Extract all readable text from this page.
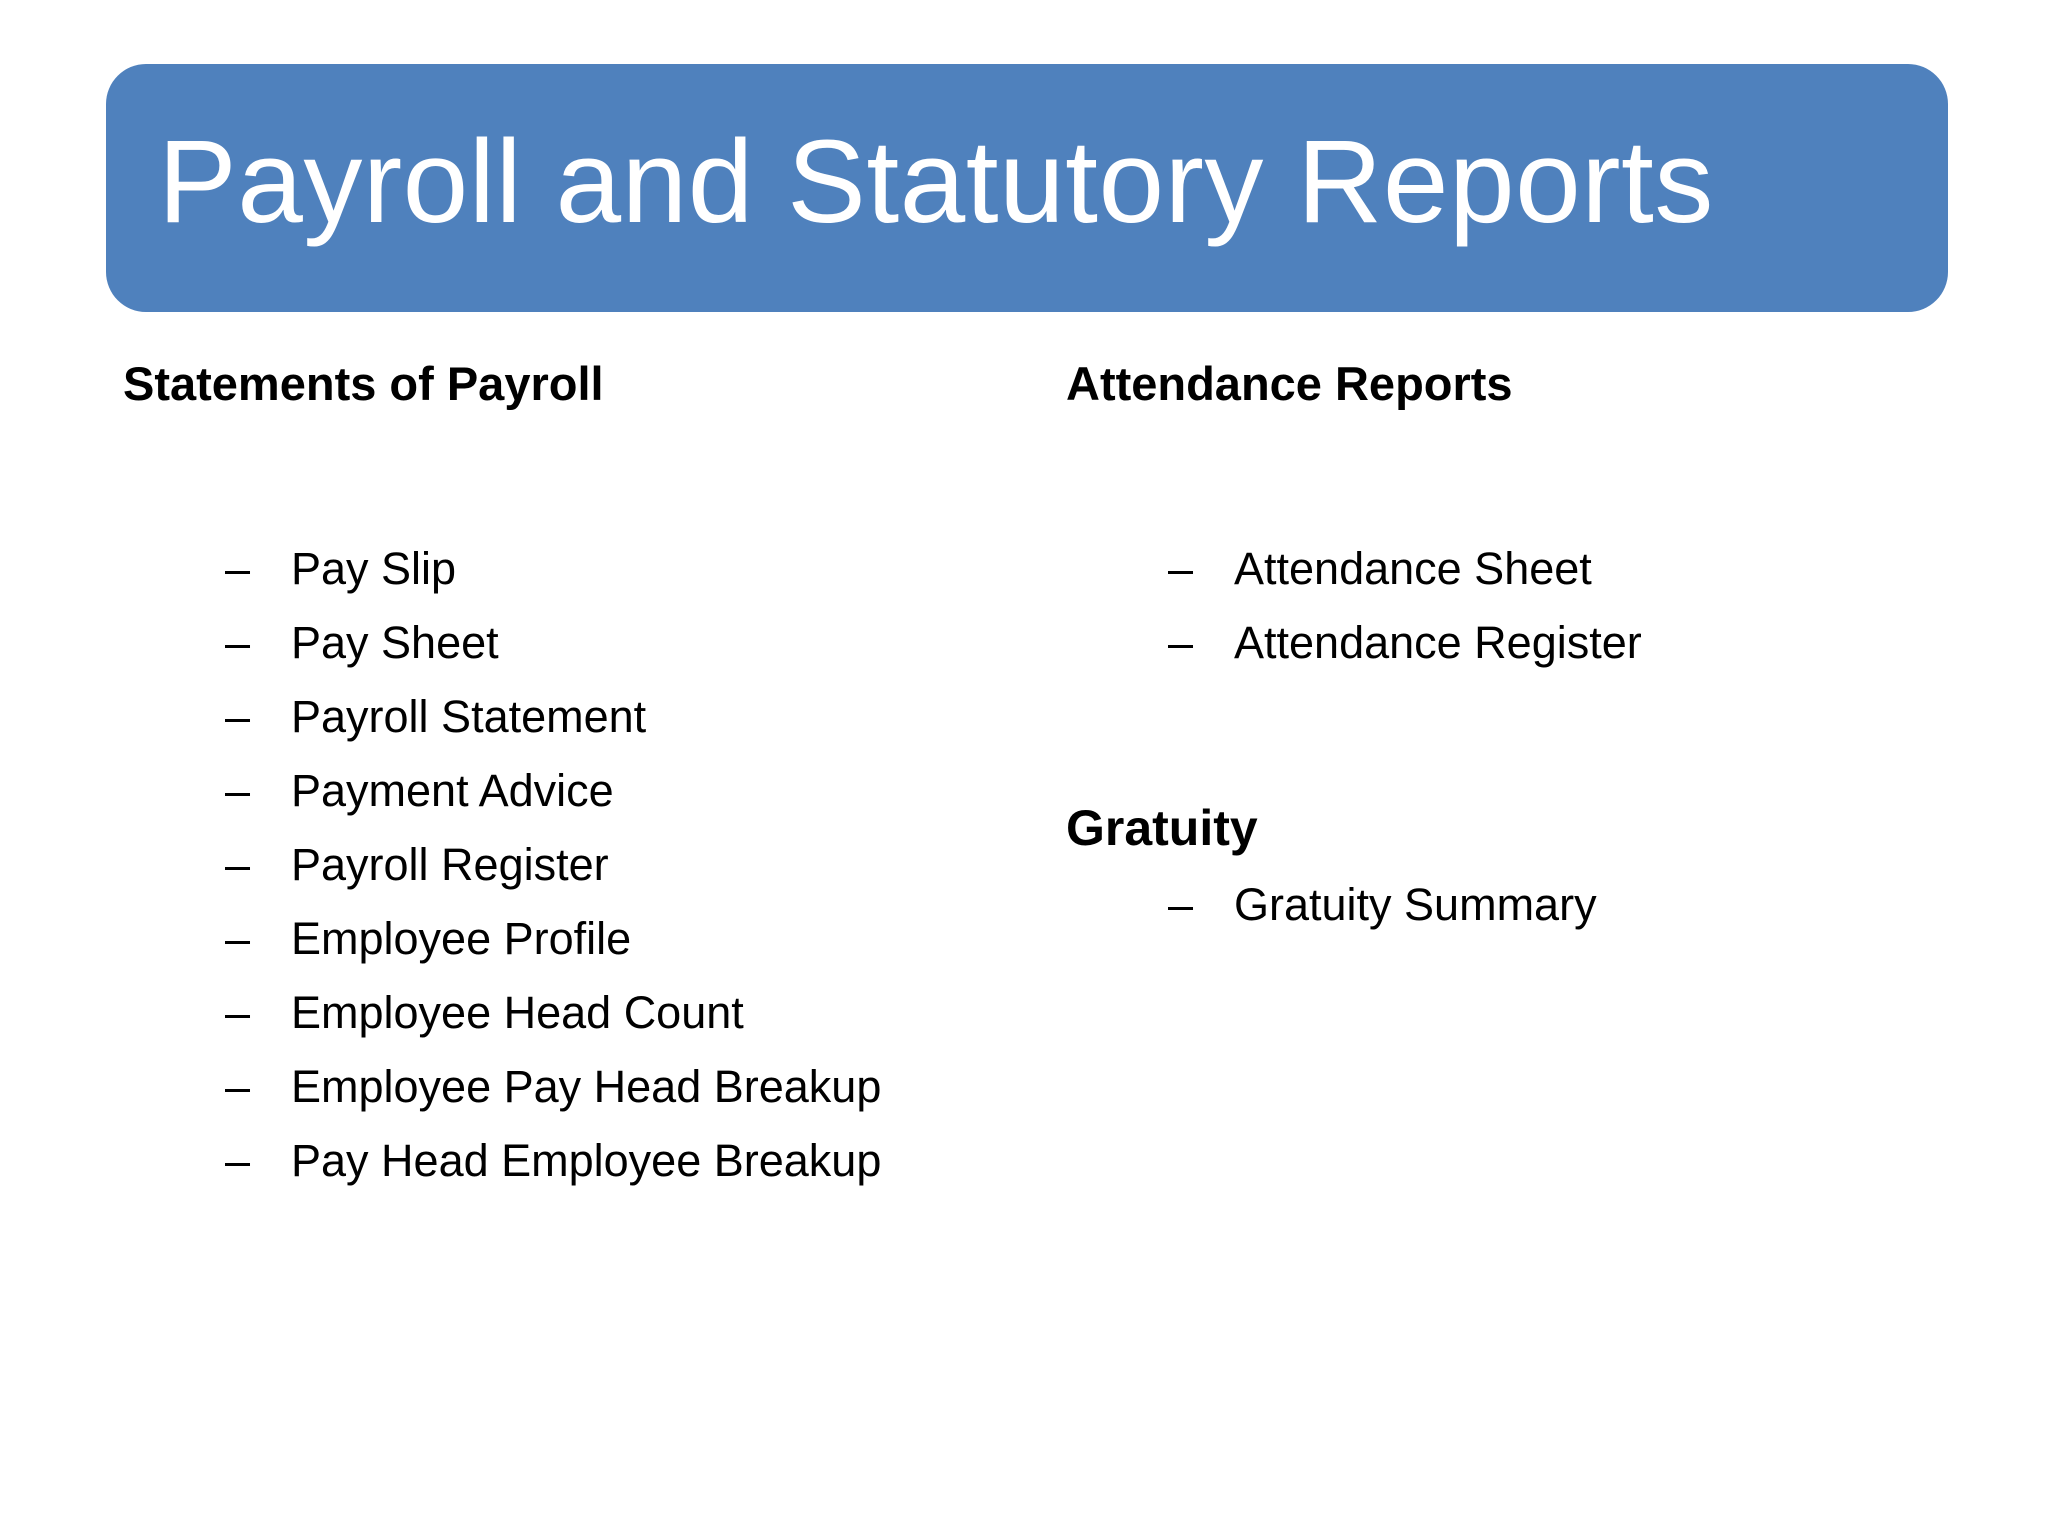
Payroll and Statutory Reports
Statements of Payroll
– Pay Slip
– Pay Sheet
– Payroll Statement
– Payment Advice
– Payroll Register
– Employee Profile
– Employee Head Count
– Employee Pay Head Breakup
– Pay Head Employee Breakup
Attendance Reports
– Attendance Sheet
– Attendance Register
Gratuity
– Gratuity Summary
